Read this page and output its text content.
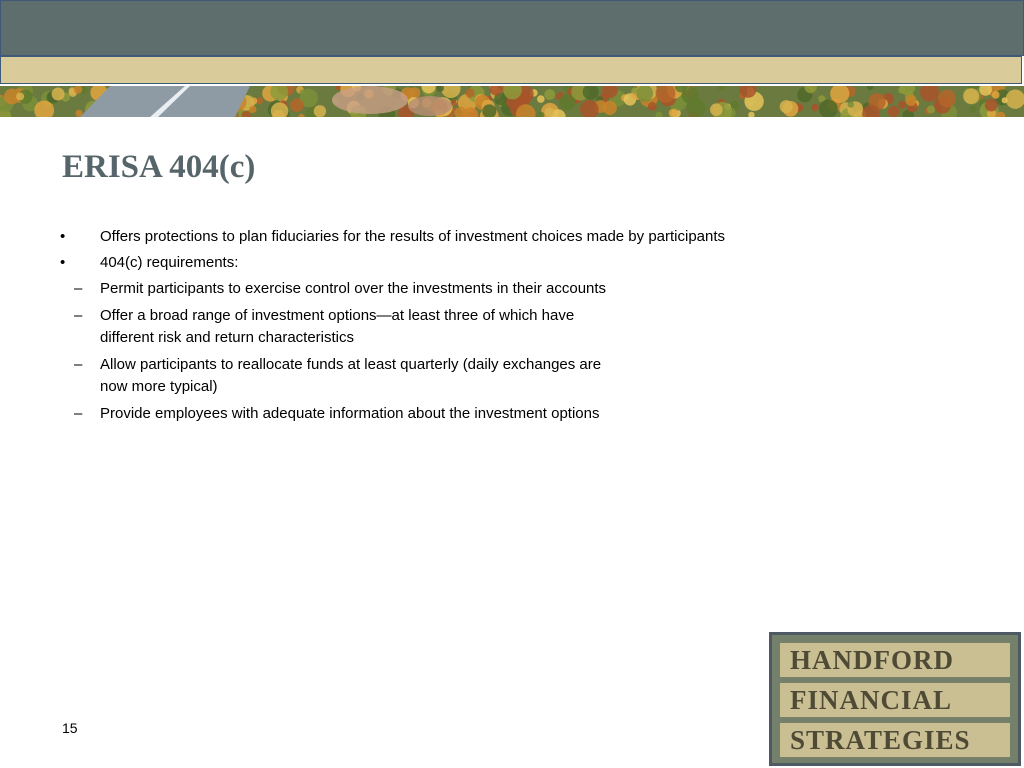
ERISA 404(c)
• Offers protections to plan fiduciaries for the results of investment choices made by participants
• 404(c) requirements:
– Permit participants to exercise control over the investments in their accounts
– Offer a broad range of investment options—at least three of which have different risk and return characteristics
– Allow participants to reallocate funds at least quarterly (daily exchanges are now more typical)
– Provide employees with adequate information about the investment options
15
HANDFORD
FINANCIAL
STRATEGIES
